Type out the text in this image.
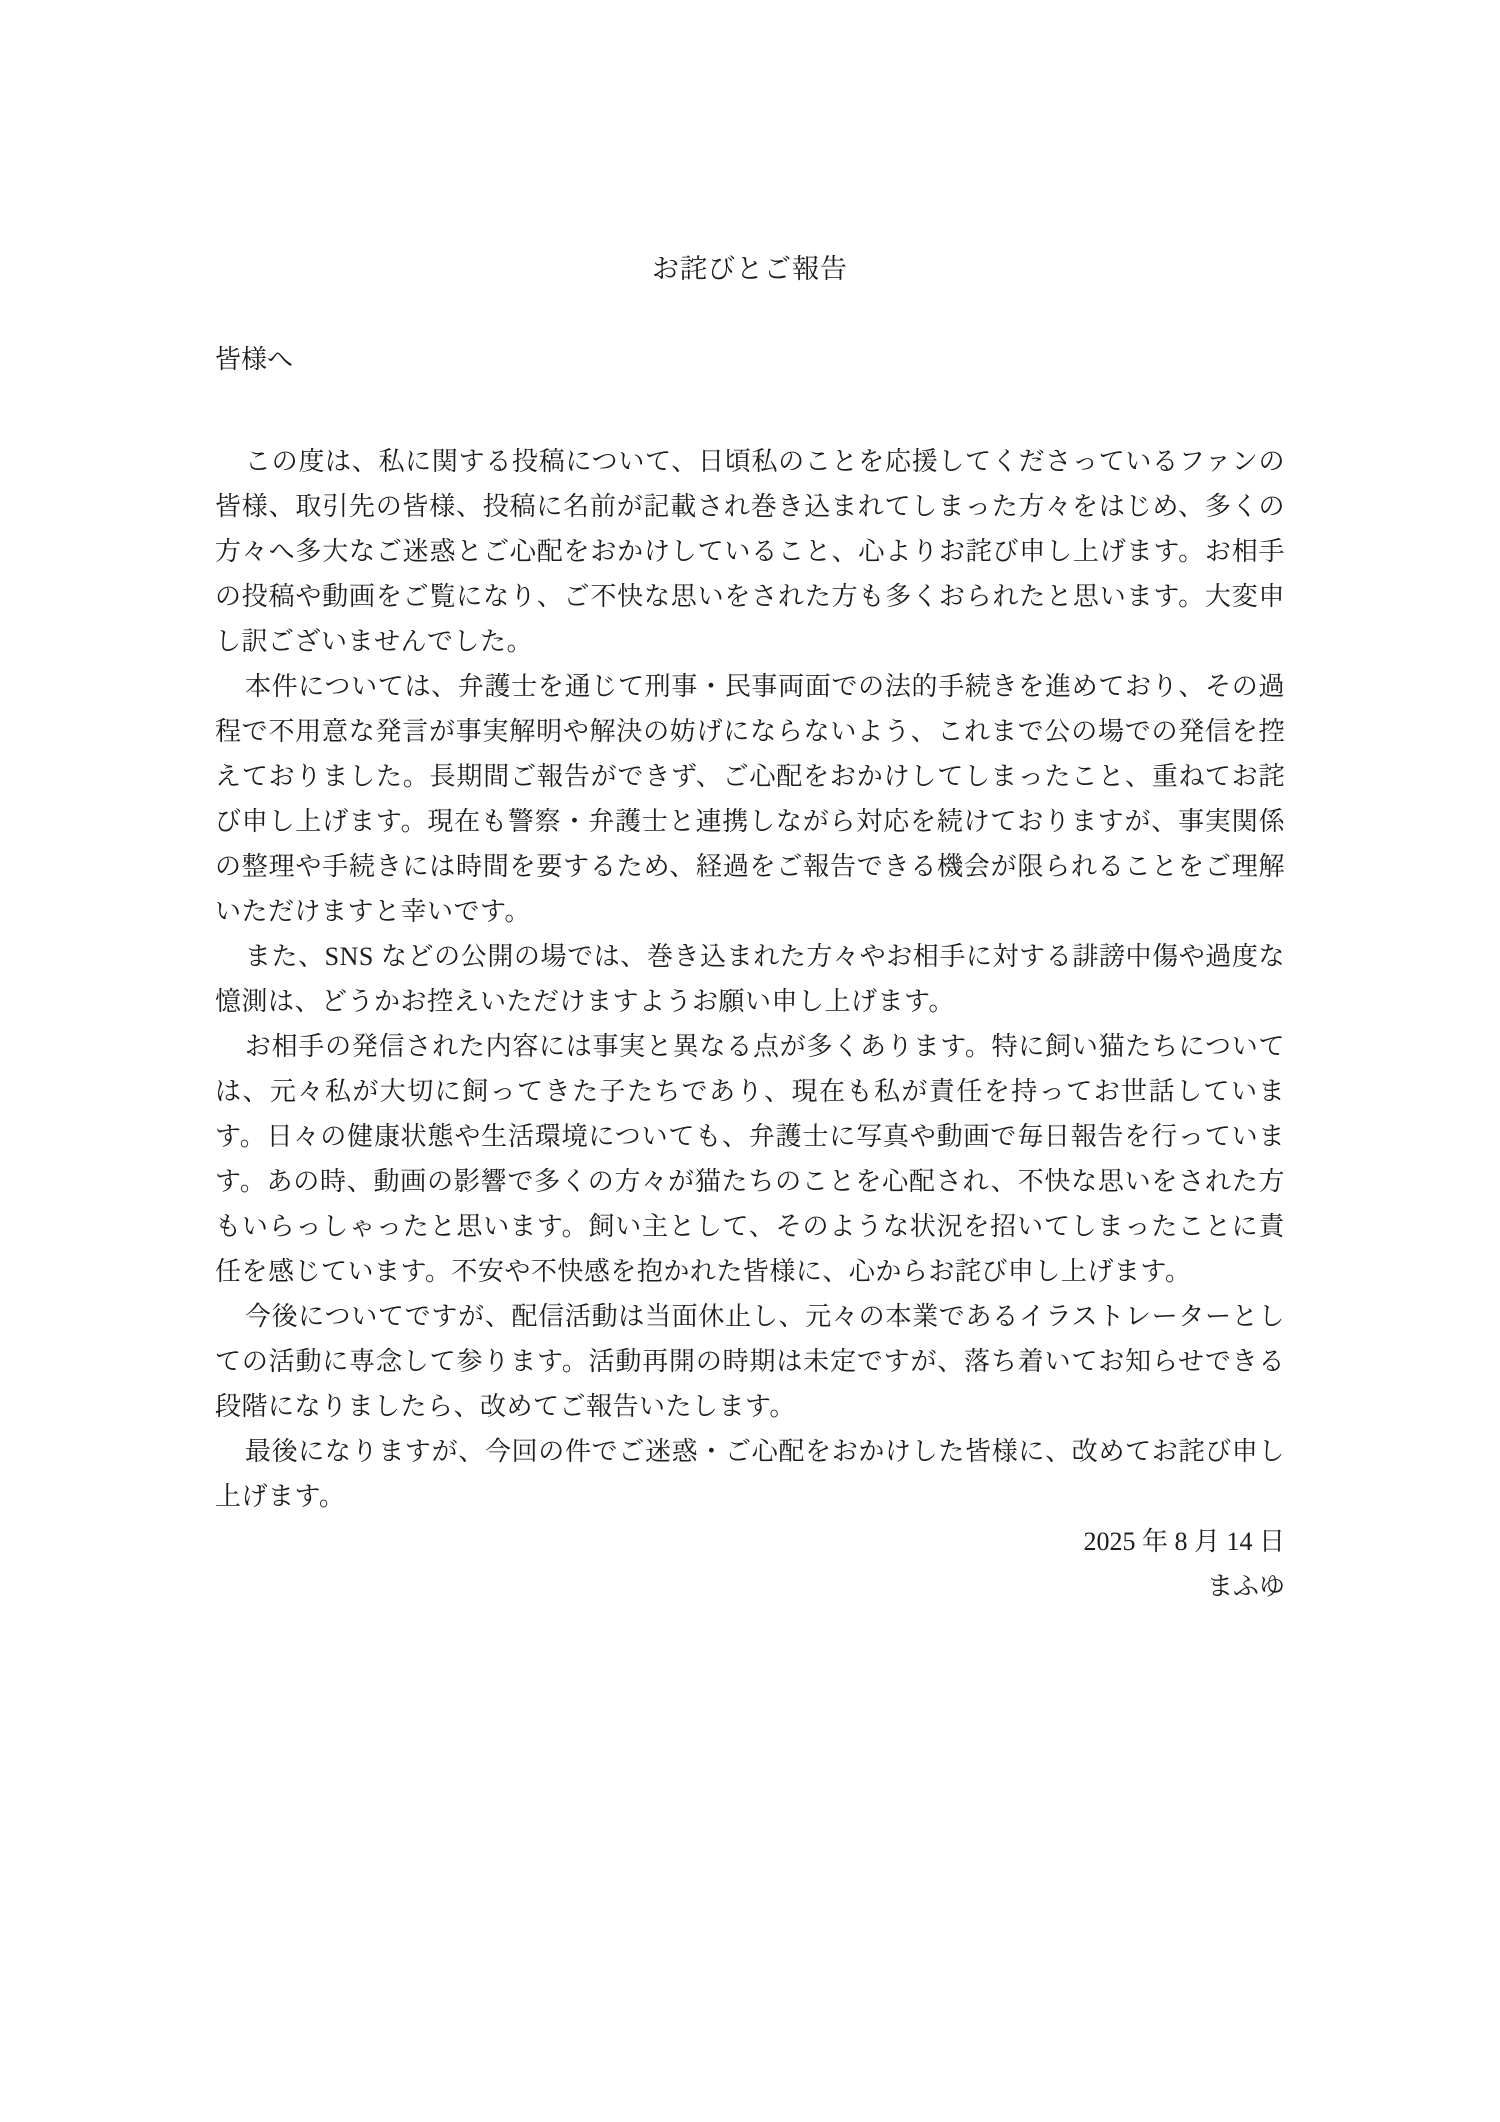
お詫びとご報告
皆様へ

この度は、私に関する投稿について、日頃私のことを応援してくださっているファンの皆様、取引先の皆様、投稿に名前が記載され巻き込まれてしまった方々をはじめ、多くの方々へ多大なご迷惑とご心配をおかけしていること、心よりお詫び申し上げます。お相手の投稿や動画をご覧になり、ご不快な思いをされた方も多くおられたと思います。大変申し訳ございませんでした。

本件については、弁護士を通じて刑事・民事両面での法的手続きを進めており、その過程で不用意な発言が事実解明や解決の妨げにならないよう、これまで公の場での発信を控えておりました。長期間ご報告ができず、ご心配をおかけしてしまったこと、重ねてお詫び申し上げます。現在も警察・弁護士と連携しながら対応を続けておりますが、事実関係の整理や手続きには時間を要するため、経過をご報告できる機会が限られることをご理解いただけますと幸いです。

また、SNS などの公開の場では、巻き込まれた方々やお相手に対する誹謗中傷や過度な憶測は、どうかお控えいただけますようお願い申し上げます。

お相手の発信された内容には事実と異なる点が多くあります。特に飼い猫たちについては、元々私が大切に飼ってきた子たちであり、現在も私が責任を持ってお世話しています。日々の健康状態や生活環境についても、弁護士に写真や動画で毎日報告を行っています。あの時、動画の影響で多くの方々が猫たちのことを心配され、不快な思いをされた方もいらっしゃったと思います。飼い主として、そのような状況を招いてしまったことに責任を感じています。不安や不快感を抱かれた皆様に、心からお詫び申し上げます。

今後についてですが、配信活動は当面休止し、元々の本業であるイラストレーターとしての活動に専念して参ります。活動再開の時期は未定ですが、落ち着いてお知らせできる段階になりましたら、改めてご報告いたします。

最後になりますが、今回の件でご迷惑・ご心配をおかけした皆様に、改めてお詫び申し上げます。

2025 年 8 月 14 日

まふゆ
